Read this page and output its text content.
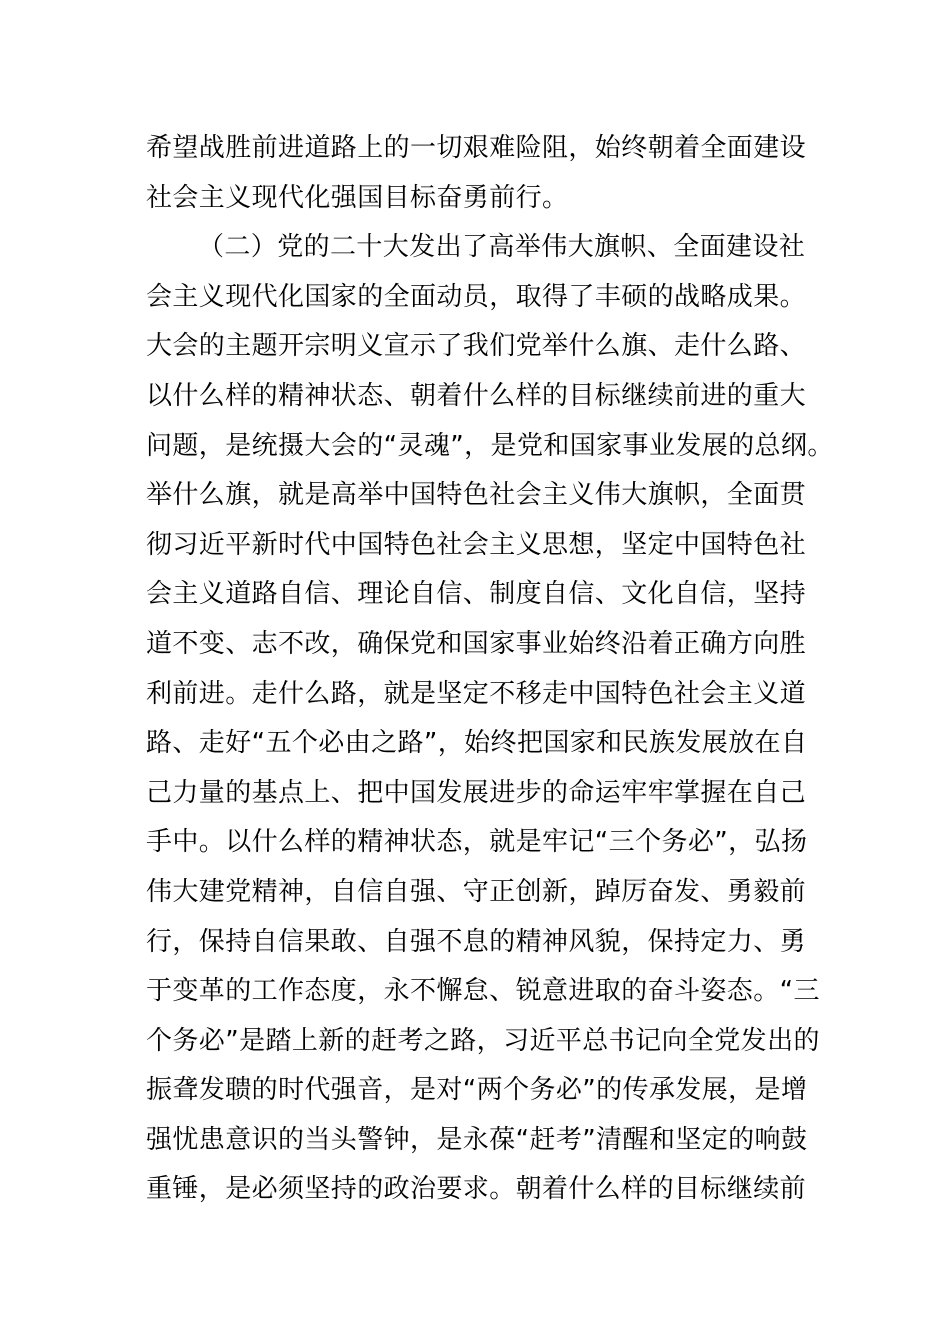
希望战胜前进道路上的一切艰难险阻，始终朝着全面建设
社会主义现代化强国目标奋勇前行。
（二）党的二十大发出了高举伟大旗帜、全面建设社
会主义现代化国家的全面动员，取得了丰硕的战略成果。
大会的主题开宗明义宣示了我们党举什么旗、走什么路、
以什么样的精神状态、朝着什么样的目标继续前进的重大
问题，是统摄大会的“灵魂”，是党和国家事业发展的总纲。
举什么旗，就是高举中国特色社会主义伟大旗帜，全面贯
彻习近平新时代中国特色社会主义思想，坚定中国特色社
会主义道路自信、理论自信、制度自信、文化自信，坚持
道不变、志不改，确保党和国家事业始终沿着正确方向胜
利前进。走什么路，就是坚定不移走中国特色社会主义道
路、走好“五个必由之路”，始终把国家和民族发展放在自
己力量的基点上、把中国发展进步的命运牢牢掌握在自己
手中。以什么样的精神状态，就是牢记“三个务必”，弘扬
伟大建党精神，自信自强、守正创新，踔厉奋发、勇毅前
行，保持自信果敢、自强不息的精神风貌，保持定力、勇
于变革的工作态度，永不懈怠、锐意进取的奋斗姿态。“三
个务必”是踏上新的赶考之路，习近平总书记向全党发出的
振聋发聩的时代强音，是对“两个务必”的传承发展，是增
强忧患意识的当头警钟，是永葆“赶考”清醒和坚定的响鼓
重锤，是必须坚持的政治要求。朝着什么样的目标继续前
